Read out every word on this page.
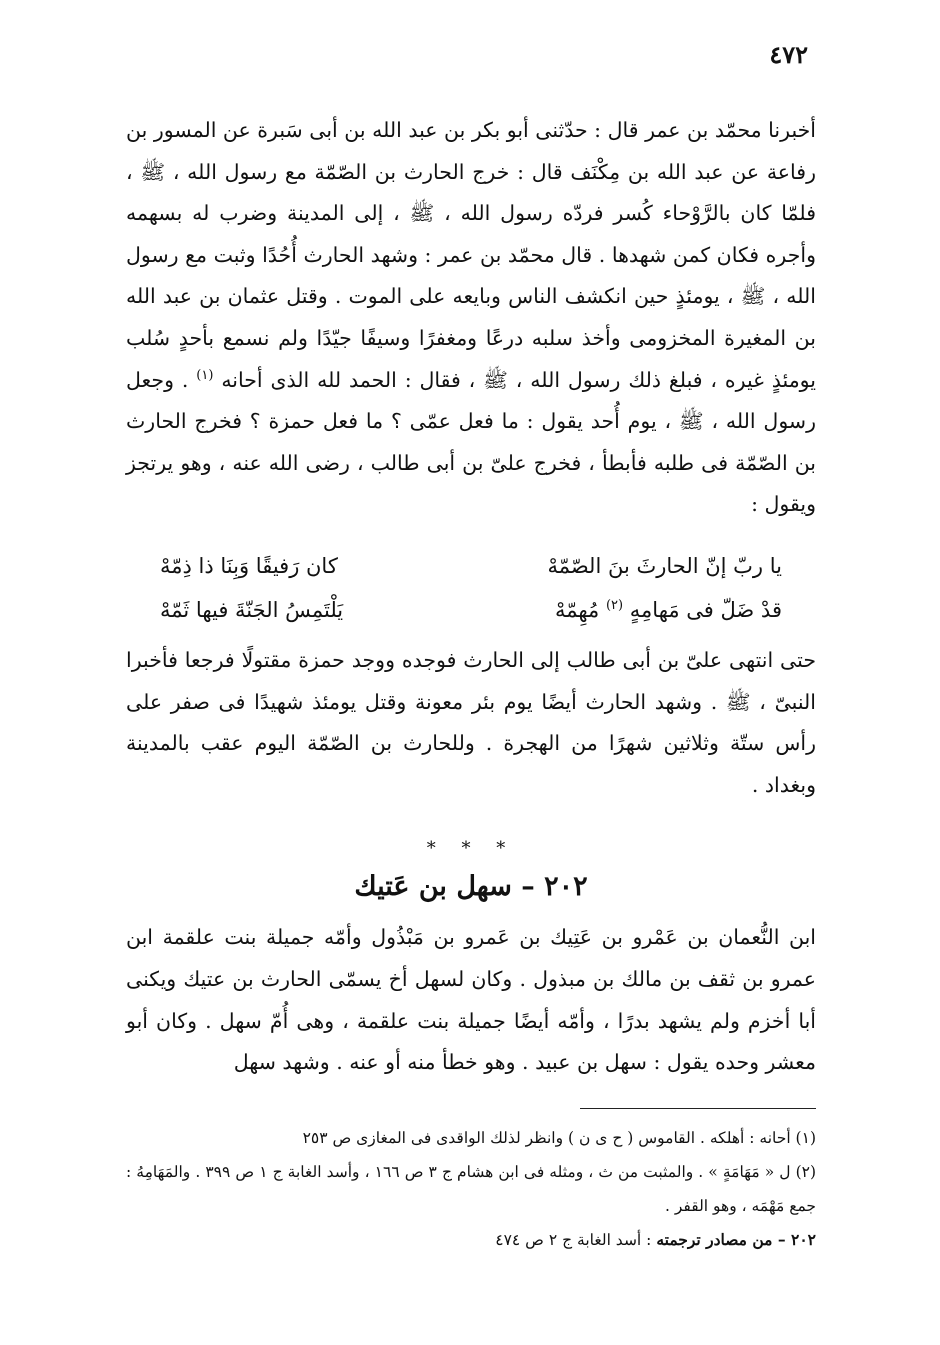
٤٧٢

أخبرنا محمّد بن عمر قال : حدّثنى أبو بكر بن عبد الله بن أبى سَبرة عن المسور بن رفاعة عن عبد الله بن مِكْنَف قال : خرج الحارث بن الصّمّة مع رسول الله ، ﷺ ، فلمّا كان بالرَّوْحاء كُسر فردّه رسول الله ، ﷺ ، إلى المدينة وضرب له بسهمه وأجره فكان كمن شهدها . قال محمّد بن عمر : وشهد الحارث أُحُدًا وثبت مع رسول الله ، ﷺ ، يومئذٍ حين انكشف الناس وبايعه على الموت . وقتل عثمان بن عبد الله بن المغيرة المخزومى وأخذ سلبه درعًا ومغفرًا وسيفًا جيّدًا ولم نسمع بأحدٍ سُلب يومئذٍ غيره ، فبلغ ذلك رسول الله ، ﷺ ، فقال : الحمد لله الذى أحانه $^{(١)}$ . وجعل رسول الله ، ﷺ ، يوم أُحد يقول : ما فعل عمّى ؟ ما فعل حمزة ؟ فخرج الحارث بن الصّمّة فى طلبه فأبطأ ، فخرج علىّ بن أبى طالب ، رضى الله عنه ، وهو يرتجز ويقول :

يا ربّ إنّ الحارثَ بنَ الصّمّهْ
كان رَفيقًا وَبِنَا ذا ذِمّهْ
قدْ ضَلّ فى مَهامِهٍ $^{(٢)}$ مُهِمّهْ
يَلْتَمِسُ الجَنّةَ فيها ثَمّهْ

حتى انتهى علىّ بن أبى طالب إلى الحارث فوجده ووجد حمزة مقتولًا فرجعا فأخبرا النبىّ ، ﷺ . وشهد الحارث أيضًا يوم بئر معونة وقتل يومئذ شهيدًا فى صفر على رأس ستّة وثلاثين شهرًا من الهجرة . وللحارث بن الصّمّة اليوم عقب بالمدينة وبغداد .

* * *
٢٠٢ – سهل بن عَتيك

ابن النُّعمان بن عَمْرو بن عَتِيك بن عَمرو بن مَبْذُول وأمّه جميلة بنت علقمة ابن عمرو بن ثقف بن مالك بن مبذول . وكان لسهل أخ يسمّى الحارث بن عتيك ويكنى أبا أخزم ولم يشهد بدرًا ، وأمّه أيضًا جميلة بنت علقمة ، وهى أُمّ سهل . وكان أبو معشر وحده يقول : سهل بن عبيد . وهو خطأ منه أو عنه . وشهد سهل

(١) أحانه : أهلكه . القاموس ( ح ى ن ) وانظر لذلك الواقدى فى المغازى ص ٢٥٣

(٢) ل « مَهَامَةٍ » . والمثبت من ث ، ومثله فى ابن هشام ج ٣ ص ١٦٦ ، وأسد الغابة ج ١ ص ٣٩٩ . والمَهَامِهُ : جمع مَهْمَه ، وهو القفر .

٢٠٢ – من مصادر ترجمته : أسد الغابة ج ٢ ص ٤٧٤
